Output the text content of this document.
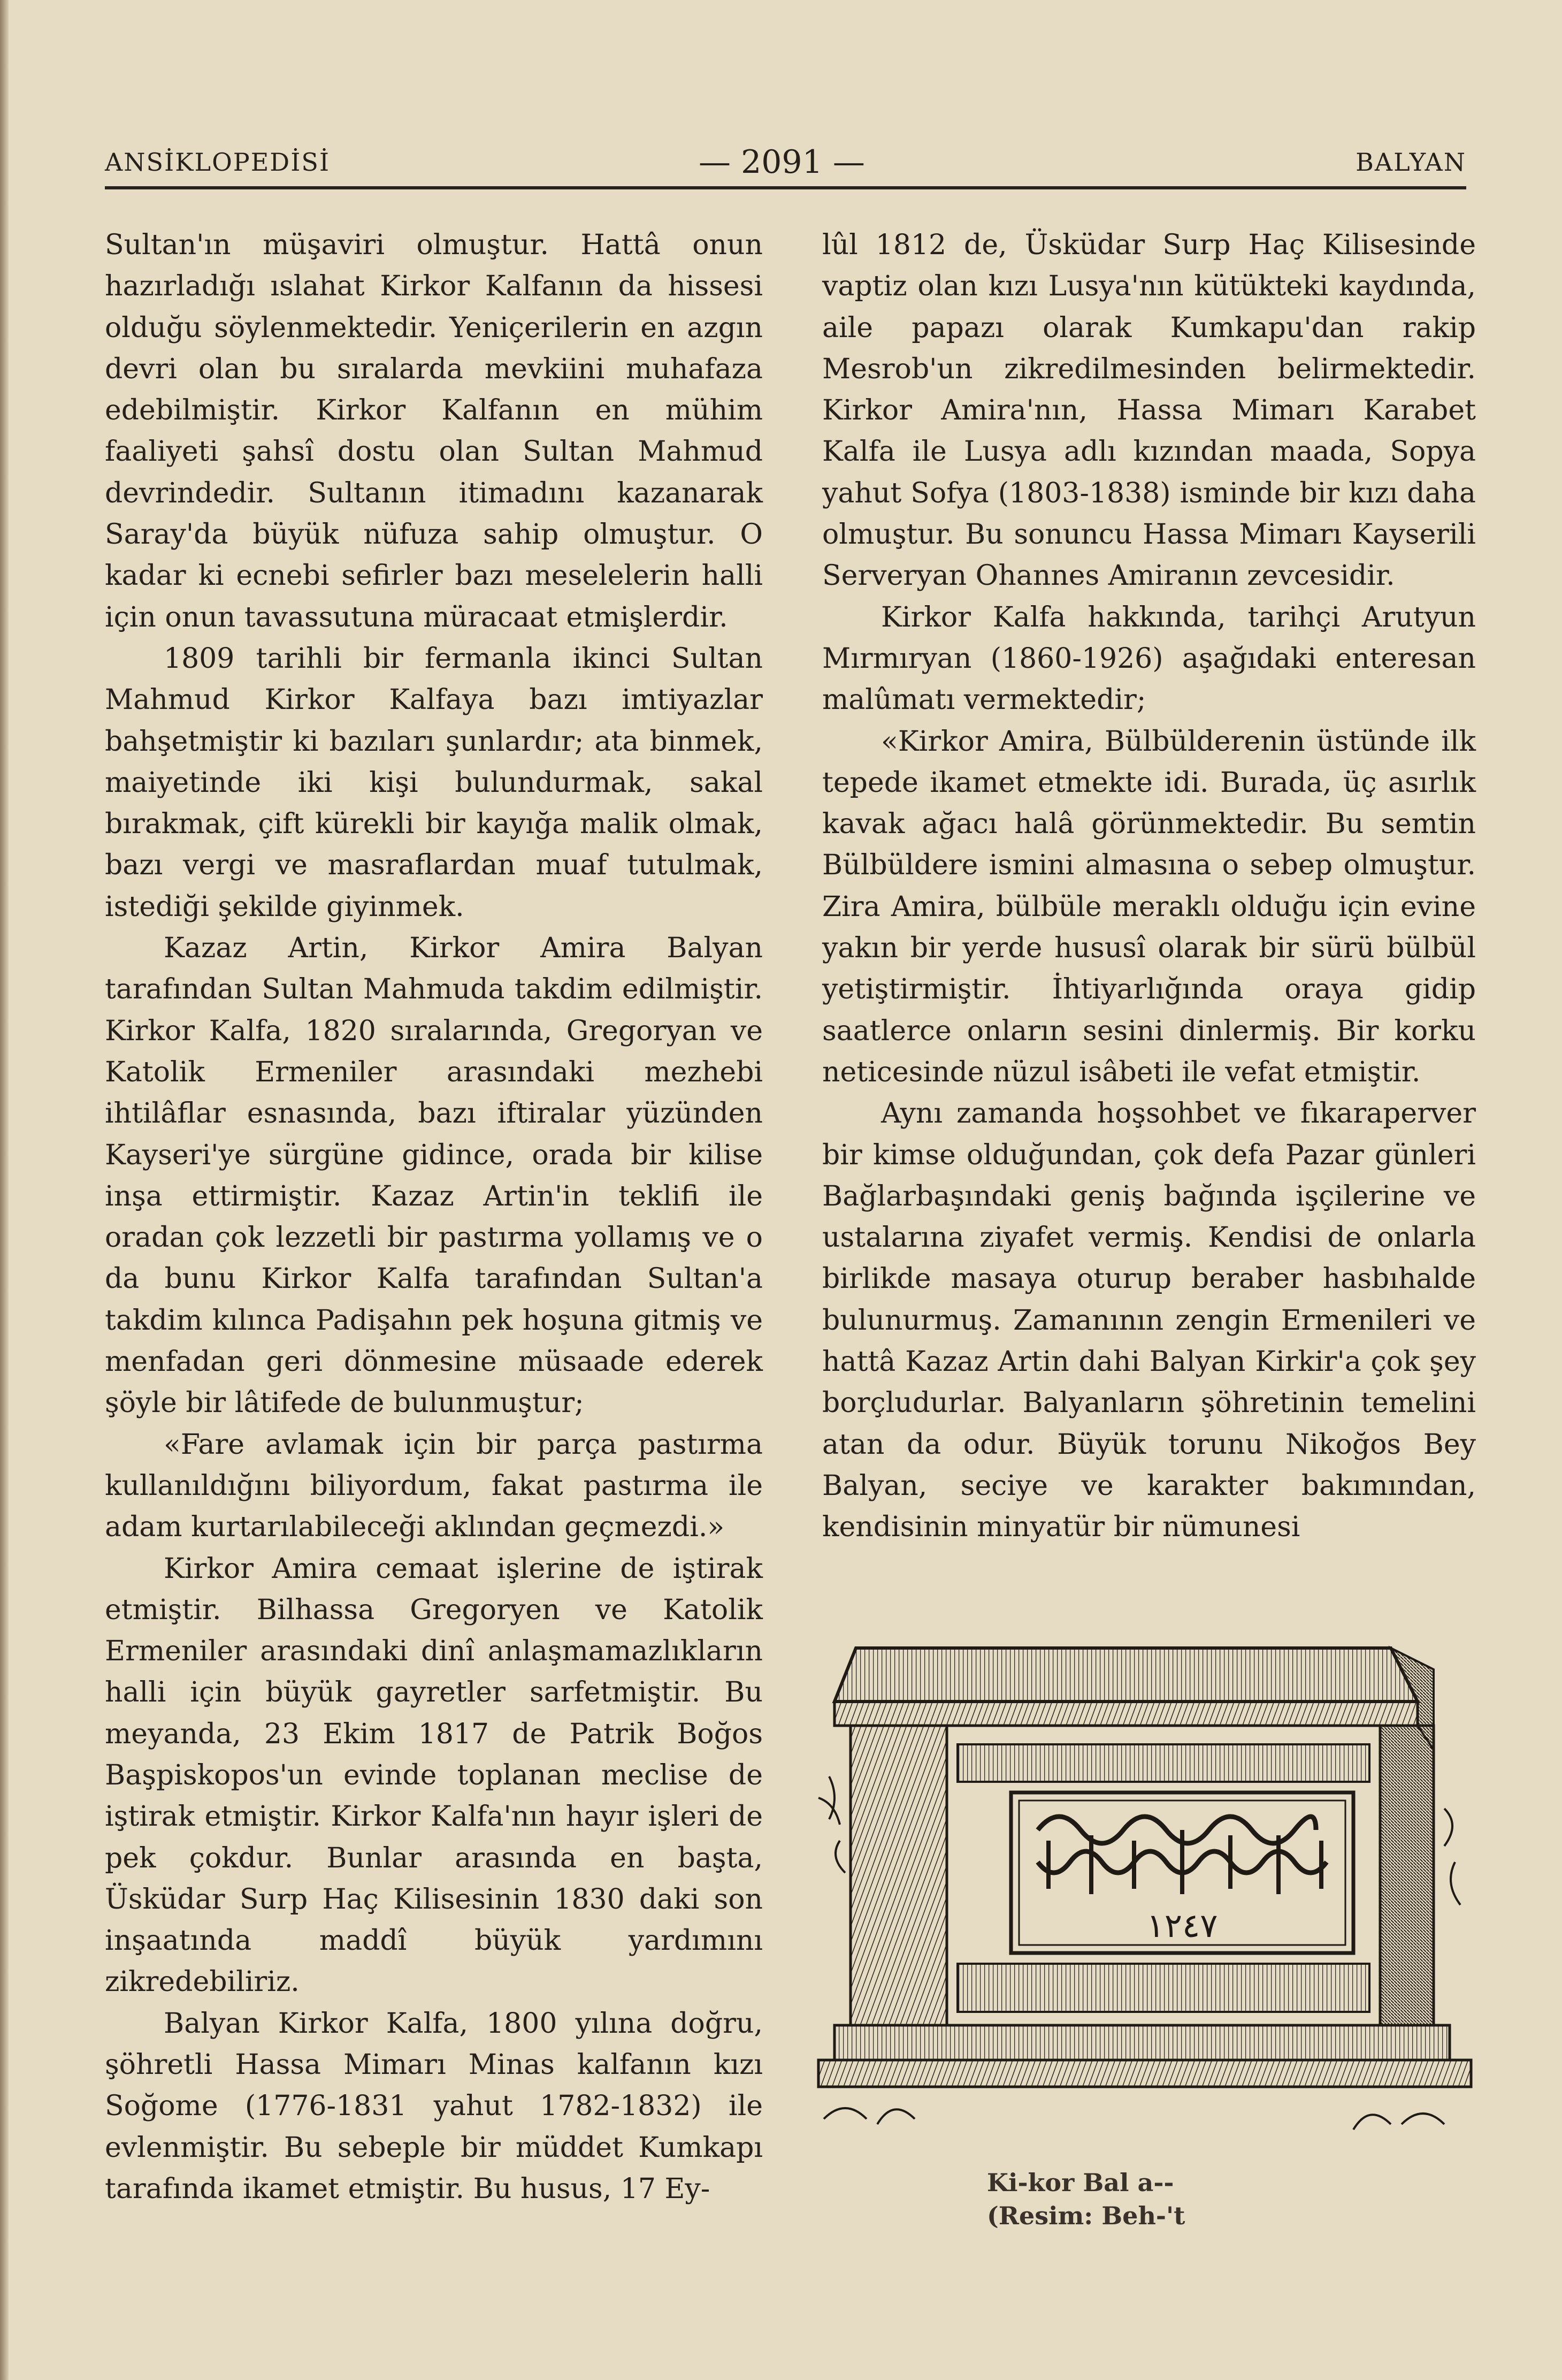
ANSİKLOPEDİSİ	— 2091 —	BALYAN

Sultan'ın müşaviri olmuştur. Hattâ onun hazırladığı ıslahat Kirkor Kalfanın da hissesi olduğu söylenmektedir. Yeniçerilerin en azgın devri olan bu sıralarda mevkiini muhafaza edebilmiştir. Kirkor Kalfanın en mühim faaliyeti şahsî dostu olan Sultan Mahmud devrindedir. Sultanın itimadını kazanarak Saray'da büyük nüfuza sahip olmuştur. O kadar ki ecnebi sefirler bazı meselelerin halli için onun tavassutuna müracaat etmişlerdir.

1809 tarihli bir fermanla ikinci Sultan Mahmud Kirkor Kalfaya bazı imtiyazlar bahşetmiştir ki bazıları şunlardır; ata binmek, maiyetinde iki kişi bulundurmak, sakal bırakmak, çift kürekli bir kayığa malik olmak, bazı vergi ve masraflardan muaf tutulmak, istediği şekilde giyinmek.

Kazaz Artin, Kirkor Amira Balyan tarafından Sultan Mahmuda takdim edilmiştir. Kirkor Kalfa, 1820 sıralarında, Gregoryan ve Katolik Ermeniler arasındaki mezhebi ihtilâflar esnasında, bazı iftiralar yüzünden Kayseri'ye sürgüne gidince, orada bir kilise inşa ettirmiştir. Kazaz Artin'in teklifi ile oradan çok lezzetli bir pastırma yollamış ve o da bunu Kirkor Kalfa tarafından Sultan'a takdim kılınca Padişahın pek hoşuna gitmiş ve menfadan geri dönmesine müsaade ederek şöyle bir lâtifede de bulunmuştur;

«Fare avlamak için bir parça pastırma kullanıldığını biliyordum, fakat pastırma ile adam kurtarılabileceği aklından geçmezdi.»

Kirkor Amira cemaat işlerine de iştirak etmiştir. Bilhassa Gregoryen ve Katolik Ermeniler arasındaki dinî anlaşmamazlıkların halli için büyük gayretler sarfetmiştir. Bu meyanda, 23 Ekim 1817 de Patrik Boğos Başpiskopos'un evinde toplanan meclise de iştirak etmiştir. Kirkor Kalfa'nın hayır işleri de pek çokdur. Bunlar arasında en başta, Üsküdar Surp Haç Kilisesinin 1830 daki son inşaatında maddî büyük yardımını zikredebiliriz.

Balyan Kirkor Kalfa, 1800 yılına doğru, şöhretli Hassa Mimarı Minas kalfanın kızı Soğome (1776-1831 yahut 1782-1832) ile evlenmiştir. Bu sebeple bir müddet Kumkapı tarafında ikamet etmiştir. Bu husus, 17 Ey-

lûl 1812 de, Üsküdar Surp Haç Kilisesinde vaptiz olan kızı Lusya'nın kütükteki kaydında, aile papazı olarak Kumkapu'dan rakip Mesrob'un zikredilmesinden belirmektedir. Kirkor Amira'nın, Hassa Mimarı Karabet Kalfa ile Lusya adlı kızından maada, Sopya yahut Sofya (1803-1838) isminde bir kızı daha olmuştur. Bu sonuncu Hassa Mimarı Kayserili Serveryan Ohannes Amiranın zevcesidir.

Kirkor Kalfa hakkında, tarihçi Arutyun Mırmıryan (1860-1926) aşağıdaki enteresan malûmatı vermektedir;

«Kirkor Amira, Bülbülderenin üstünde ilk tepede ikamet etmekte idi. Burada, üç asırlık kavak ağacı halâ görünmektedir. Bu semtin Bülbüldere ismini almasına o sebep olmuştur. Zira Amira, bülbüle meraklı olduğu için evine yakın bir yerde hususî olarak bir sürü bülbül yetiştirmiştir. İhtiyarlığında oraya gidip saatlerce onların sesini dinlermiş. Bir korku neticesinde nüzul isâbeti ile vefat etmiştir.

Aynı zamanda hoşsohbet ve fıkaraperver bir kimse olduğundan, çok defa Pazar günleri Bağlarbaşındaki geniş bağında işçilerine ve ustalarına ziyafet vermiş. Kendisi de onlarla birlikde masaya oturup beraber hasbıhalde bulunurmuş. Zamanının zengin Ermenileri ve hattâ Kazaz Artin dahi Balyan Kirkir'a çok şey borçludurlar. Balyanların şöhretinin temelini atan da odur. Büyük torunu Nikoğos Bey Balyan, seciye ve karakter bakımından, kendisinin minyatür bir nümunesi

١٢٤٧
Ki-kor Bal a--
(Resim: Beh-'t
